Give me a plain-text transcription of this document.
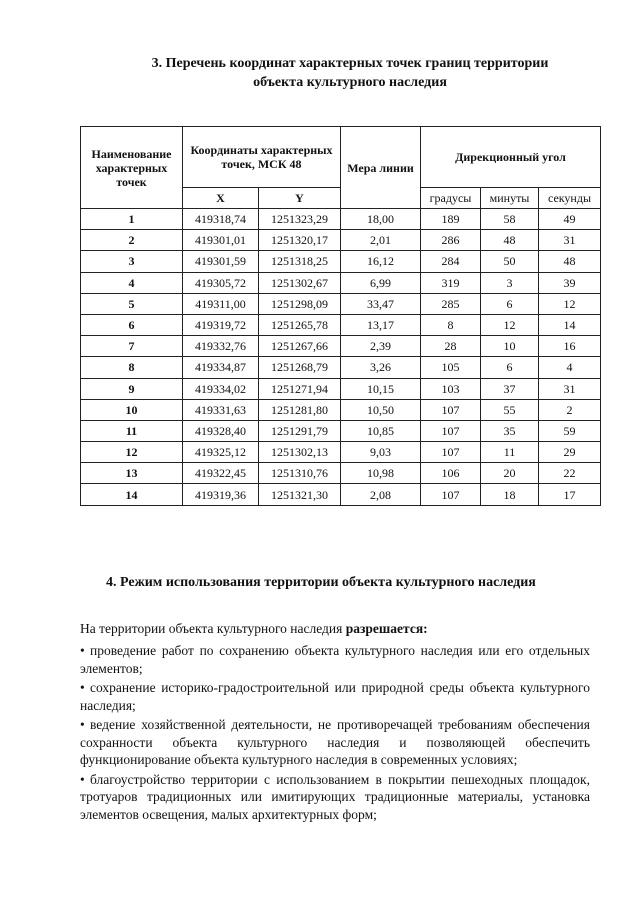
3. Перечень координат характерных точек границ территории
объекта культурного наследия
Наименование характерных точек	Координаты характерных точек, МСК 48		Мера линии	Дирекционный угол		
	X	Y		градусы	минуты	секунды
1	419318,74	1251323,29	18,00	189	58	49
2	419301,01	1251320,17	2,01	286	48	31
3	419301,59	1251318,25	16,12	284	50	48
4	419305,72	1251302,67	6,99	319	3	39
5	419311,00	1251298,09	33,47	285	6	12
6	419319,72	1251265,78	13,17	8	12	14
7	419332,76	1251267,66	2,39	28	10	16
8	419334,87	1251268,79	3,26	105	6	4
9	419334,02	1251271,94	10,15	103	37	31
10	419331,63	1251281,80	10,50	107	55	2
11	419328,40	1251291,79	10,85	107	35	59
12	419325,12	1251302,13	9,03	107	11	29
13	419322,45	1251310,76	10,98	106	20	22
14	419319,36	1251321,30	2,08	107	18	17
4. Режим использования территории объекта культурного наследия
На территории объекта культурного наследия разрешается:
• проведение работ по сохранению объекта культурного наследия или его отдельных элементов;
• сохранение историко-градостроительной или природной среды объекта культурного наследия;
• ведение хозяйственной деятельности, не противоречащей требованиям обеспечения сохранности объекта культурного наследия и позволяющей обеспечить функционирование объекта культурного наследия в современных условиях;
• благоустройство территории с использованием в покрытии пешеходных площадок, тротуаров традиционных или имитирующих традиционные материалы, установка элементов освещения, малых архитектурных форм;
